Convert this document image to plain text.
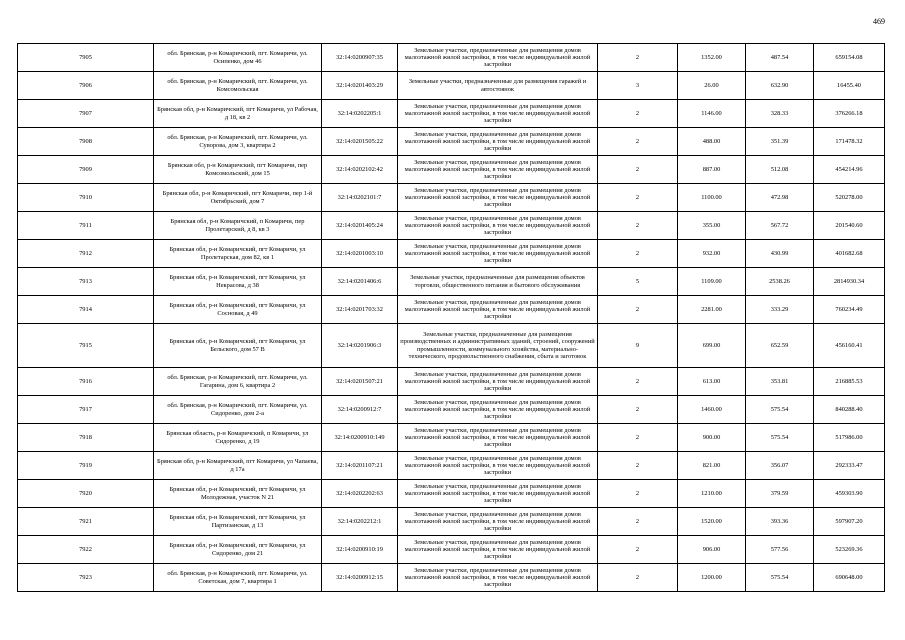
469
7905	обл. Брянская, р-н Комаричский, пгт. Комаричи, ул. Осипенко, дом 46	32:14:0200907:35	Земельные участки, предназначенные для размещения домов малоэтажной жилой застройки, в том числе индивидуальной жилой застройки	2	1352.00	487.54	659154.08
7906	обл. Брянская, р-н Комаричский, пгт. Комаричи, ул. Комсомольская	32:14:0201403:29	Земельные участки, предназначенные для размещения гаражей и автостоянок	3	26.00	632.90	16455.40
7907	Брянская обл, р-н Комаричский, пгт Комаричи, ул Рабочая, д 18, кв 2	32:14:0202205:1	Земельные участки, предназначенные для размещения домов малоэтажной жилой застройки, в том числе индивидуальной жилой застройки	2	1146.00	328.33	376266.18
7908	обл. Брянская, р-н Комаричский, пгт. Комаричи, ул. Суворова, дом 3, квартира 2	32:14:0201505:22	Земельные участки, предназначенные для размещения домов малоэтажной жилой застройки, в том числе индивидуальной жилой застройки	2	488.00	351.39	171478.32
7909	Брянская обл, р-н Комаричский, пгт Комаричи, пер Комсомольский, дом 15	32:14:0202102:42	Земельные участки, предназначенные для размещения домов малоэтажной жилой застройки, в том числе индивидуальной жилой застройки	2	887.00	512.08	454214.96
7910	Брянская обл, р-н Комаричский, пгт Комаричи, пер 1-й Октябрьский, дом 7	32:14:0202101:7	Земельные участки, предназначенные для размещения домов малоэтажной жилой застройки, в том числе индивидуальной жилой застройки	2	1100.00	472.98	520278.00
7911	Брянская обл, р-н Комаричский, п Комаричи, пер Пролетарский, д 8, кв 3	32:14:0201405:24	Земельные участки, предназначенные для размещения домов малоэтажной жилой застройки, в том числе индивидуальной жилой застройки	2	355.00	567.72	201540.60
7912	Брянская обл, р-н Комаричский, пгт Комаричи, ул Пролетарская, дом 82, кв 1	32:14:0201003:10	Земельные участки, предназначенные для размещения домов малоэтажной жилой застройки, в том числе индивидуальной жилой застройки	2	932.00	430.99	401682.68
7913	Брянская обл, р-н Комаричский, пгт Комаричи, ул Некрасова, д 38	32:14:0201406:6	Земельные участки, предназначенные для размещения объектов торговли, общественного питания и бытового обслуживания	5	1109.00	2538.26	2814930.34
7914	Брянская обл, р-н Комаричский, пгт Комаричи, ул Сосновая, д 49	32:14:0201703:32	Земельные участки, предназначенные для размещения домов малоэтажной жилой застройки, в том числе индивидуальной жилой застройки	2	2281.00	333.29	760234.49
7915	Брянская обл, р-н Комаричский, пгт Комаричи, ул Бельского, дом 57 В	32:14:0201906:3	Земельные участки, предназначенные для размещения производственных и административных зданий, строений, сооружений промышленности, коммунального хозяйства, материально-технического, продовольственного снабжения, сбыта и заготовок	9	699.00	652.59	456160.41
7916	обл. Брянская, р-н Комаричский, пгт. Комаричи, ул. Гагарина, дом 6, квартира 2	32:14:0201507:21	Земельные участки, предназначенные для размещения домов малоэтажной жилой застройки, в том числе индивидуальной жилой застройки	2	613.00	353.81	216885.53
7917	обл. Брянская, р-н Комаричский, пгт. Комаричи, ул. Сидоренко, дом 2-а	32:14:0200912:7	Земельные участки, предназначенные для размещения домов малоэтажной жилой застройки, в том числе индивидуальной жилой застройки	2	1460.00	575.54	840288.40
7918	Брянская область, р-н Комаричский, п Комаричи, ул Сидоренко, д 19	32:14:0200910:149	Земельные участки, предназначенные для размещения домов малоэтажной жилой застройки, в том числе индивидуальной жилой застройки	2	900.00	575.54	517986.00
7919	Брянская обл, р-н Комаричский, пгт Комаричи, ул Чапаева, д 17а	32:14:0201107:21	Земельные участки, предназначенные для размещения домов малоэтажной жилой застройки, в том числе индивидуальной жилой застройки	2	821.00	356.07	292333.47
7920	Брянская обл, р-н Комаричский, пгт Комаричи, ул Молодежная, участок N 21	32:14:0202202:63	Земельные участки, предназначенные для размещения домов малоэтажной жилой застройки, в том числе индивидуальной жилой застройки	2	1210.00	379.59	459303.90
7921	Брянская обл, р-н Комаричский, пгт Комаричи, ул Партизанская, д 13	32:14:0202212:1	Земельные участки, предназначенные для размещения домов малоэтажной жилой застройки, в том числе индивидуальной жилой застройки	2	1520.00	393.36	597907.20
7922	Брянская обл, р-н Комаричский, пгт Комаричи, ул Сидоренко, дом 21	32:14:0200910:19	Земельные участки, предназначенные для размещения домов малоэтажной жилой застройки, в том числе индивидуальной жилой застройки	2	906.00	577.56	523269.36
7923	обл. Брянская, р-н Комаричский, пгт. Комаричи, ул. Советская, дом 7, квартира 1	32:14:0200912:15	Земельные участки, предназначенные для размещения домов малоэтажной жилой застройки, в том числе индивидуальной жилой застройки	2	1200.00	575.54	690648.00
